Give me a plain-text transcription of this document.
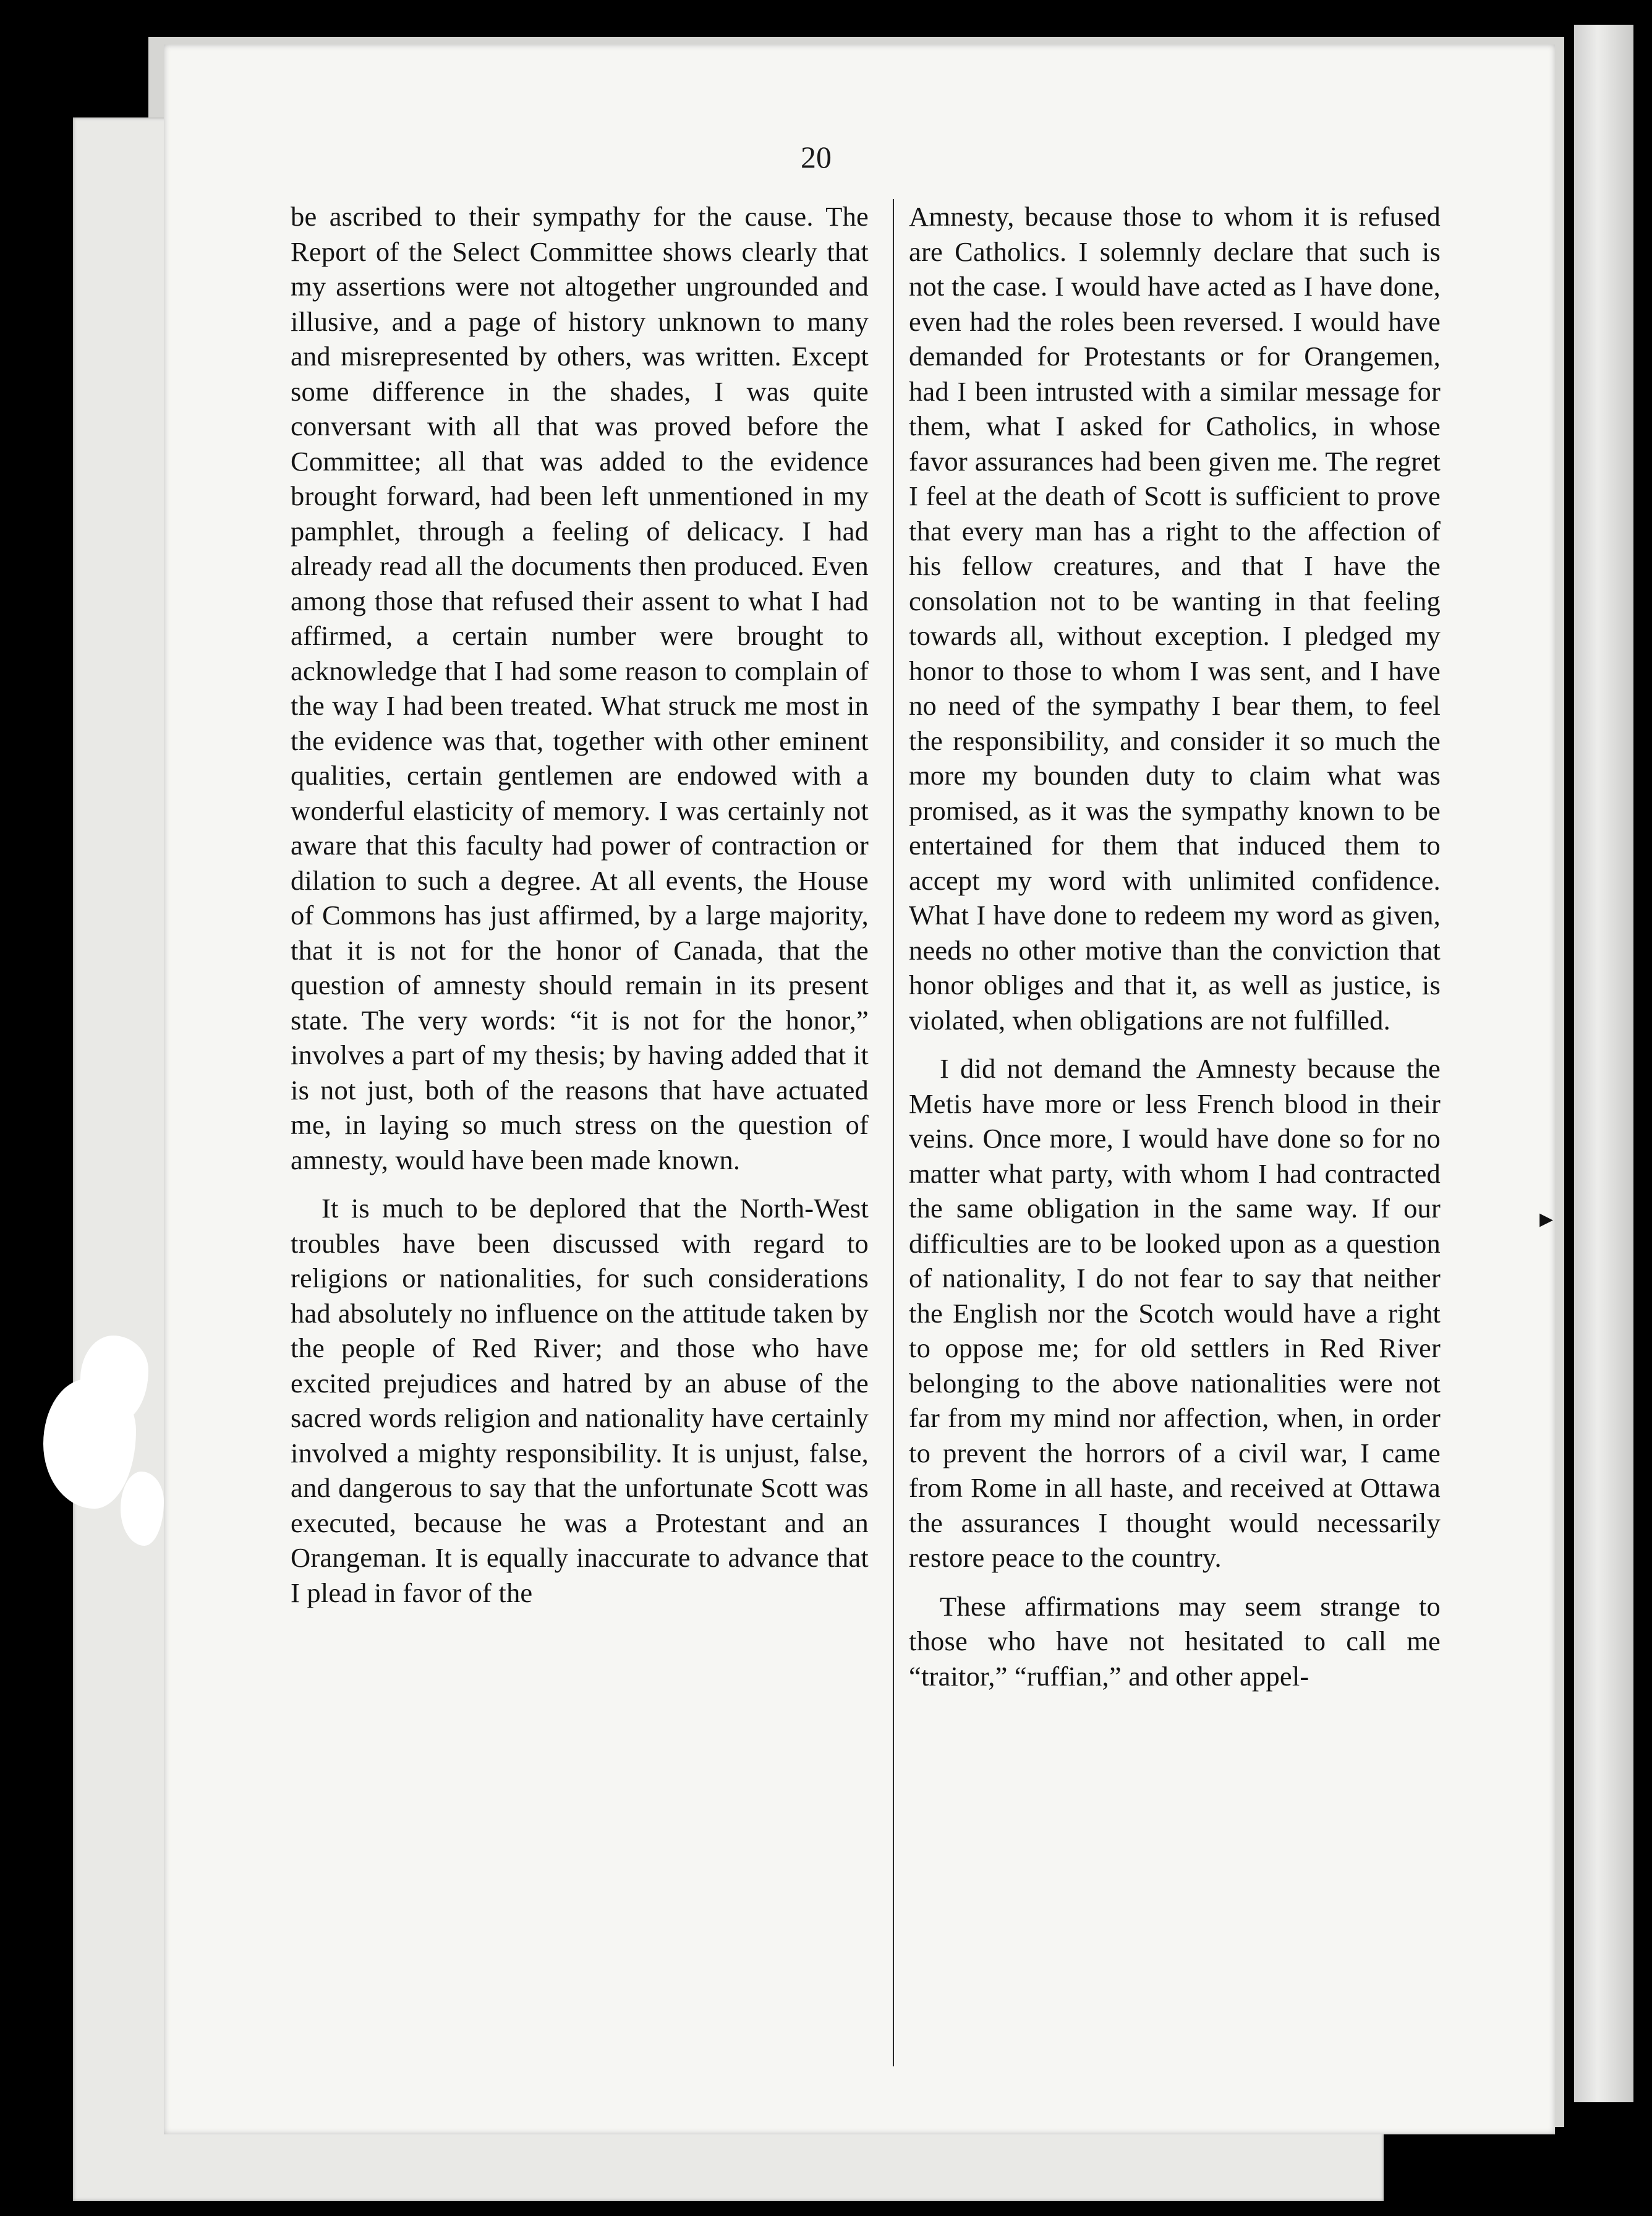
20

be ascribed to their sympathy for the cause. The Report of the Select Committee shows clearly that my assertions were not altogether ungrounded and illusive, and a page of history unknown to many and misrepresented by others, was written. Except some difference in the shades, I was quite conversant with all that was proved before the Committee; all that was added to the evidence brought forward, had been left unmentioned in my pamphlet, through a feeling of delicacy. I had already read all the documents then produced. Even among those that refused their assent to what I had affirmed, a certain number were brought to acknowledge that I had some reason to complain of the way I had been treated. What struck me most in the evidence was that, together with other eminent qualities, certain gentlemen are endowed with a wonderful elasticity of memory. I was certainly not aware that this faculty had power of contraction or dilation to such a degree. At all events, the House of Commons has just affirmed, by a large majority, that it is not for the honor of Canada, that the question of amnesty should remain in its present state. The very words: “it is not for the honor,” involves a part of my thesis; by having added that it is not just, both of the reasons that have actuated me, in laying so much stress on the question of amnesty, would have been made known.

It is much to be deplored that the North-West troubles have been discussed with regard to religions or nationalities, for such considerations had absolutely no influence on the attitude taken by the people of Red River; and those who have excited prejudices and hatred by an abuse of the sacred words religion and nationality have certainly involved a mighty responsibility. It is unjust, false, and dangerous to say that the unfortunate Scott was executed, because he was a Protestant and an Orangeman. It is equally inaccurate to advance that I plead in favor of the

Amnesty, because those to whom it is refused are Catholics. I solemnly declare that such is not the case. I would have acted as I have done, even had the roles been reversed. I would have demanded for Protestants or for Orangemen, had I been intrusted with a similar message for them, what I asked for Catholics, in whose favor assurances had been given me. The regret I feel at the death of Scott is sufficient to prove that every man has a right to the affection of his fellow creatures, and that I have the consolation not to be wanting in that feeling towards all, without exception. I pledged my honor to those to whom I was sent, and I have no need of the sympathy I bear them, to feel the responsibility, and consider it so much the more my bounden duty to claim what was promised, as it was the sympathy known to be entertained for them that induced them to accept my word with unlimited confidence. What I have done to redeem my word as given, needs no other motive than the conviction that honor obliges and that it, as well as justice, is violated, when obligations are not fulfilled.

I did not demand the Amnesty because the Metis have more or less French blood in their veins. Once more, I would have done so for no matter what party, with whom I had contracted the same obligation in the same way. If our difficulties are to be looked upon as a question of nationality, I do not fear to say that neither the English nor the Scotch would have a right to oppose me; for old settlers in Red River belonging to the above nationalities were not far from my mind nor affection, when, in order to prevent the horrors of a civil war, I came from Rome in all haste, and received at Ottawa the assurances I thought would necessarily restore peace to the country.

These affirmations may seem strange to those who have not hesitated to call me “traitor,” “ruffian,” and other appel-

▸
